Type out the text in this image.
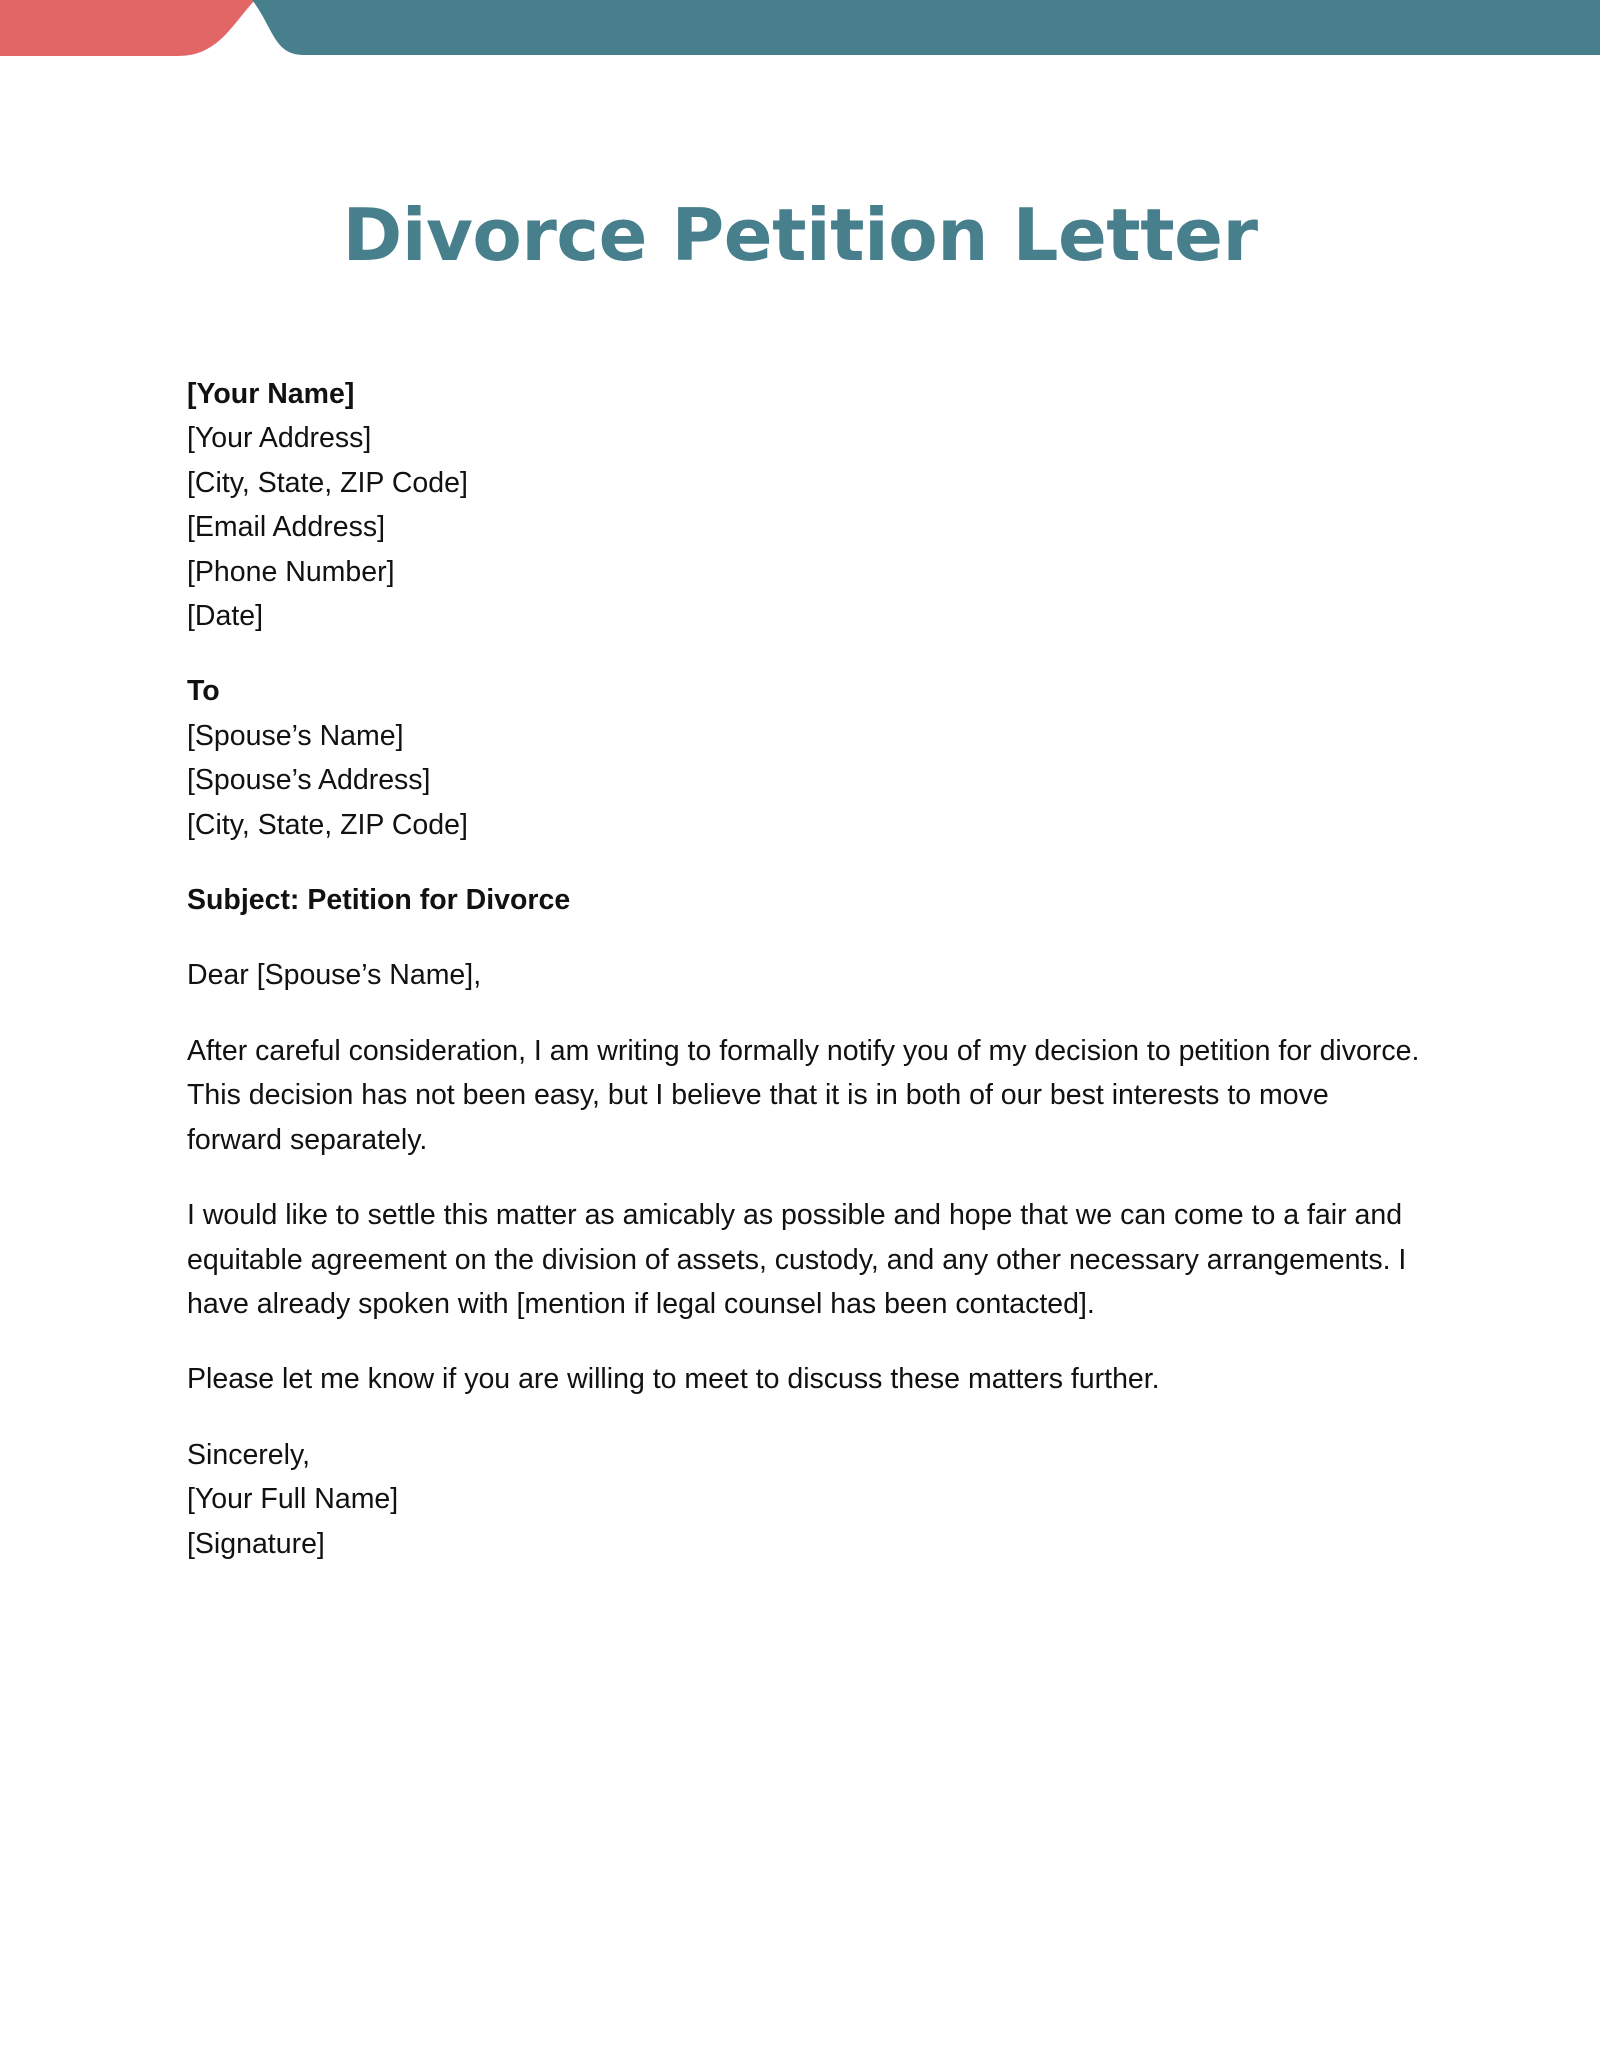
Divorce Petition Letter
[Your Name]
[Your Address]
[City, State, ZIP Code]
[Email Address]
[Phone Number]
[Date]
To
[Spouse’s Name]
[Spouse’s Address]
[City, State, ZIP Code]

Subject: Petition for Divorce

Dear [Spouse’s Name],

After careful consideration, I am writing to formally notify you of my decision to petition for divorce. This decision has not been easy, but I believe that it is in both of our best interests to move forward separately.

I would like to settle this matter as amicably as possible and hope that we can come to a fair and equitable agreement on the division of assets, custody, and any other necessary arrangements. I have already spoken with [mention if legal counsel has been contacted].

Please let me know if you are willing to meet to discuss these matters further.

Sincerely,
[Your Full Name]
[Signature]
